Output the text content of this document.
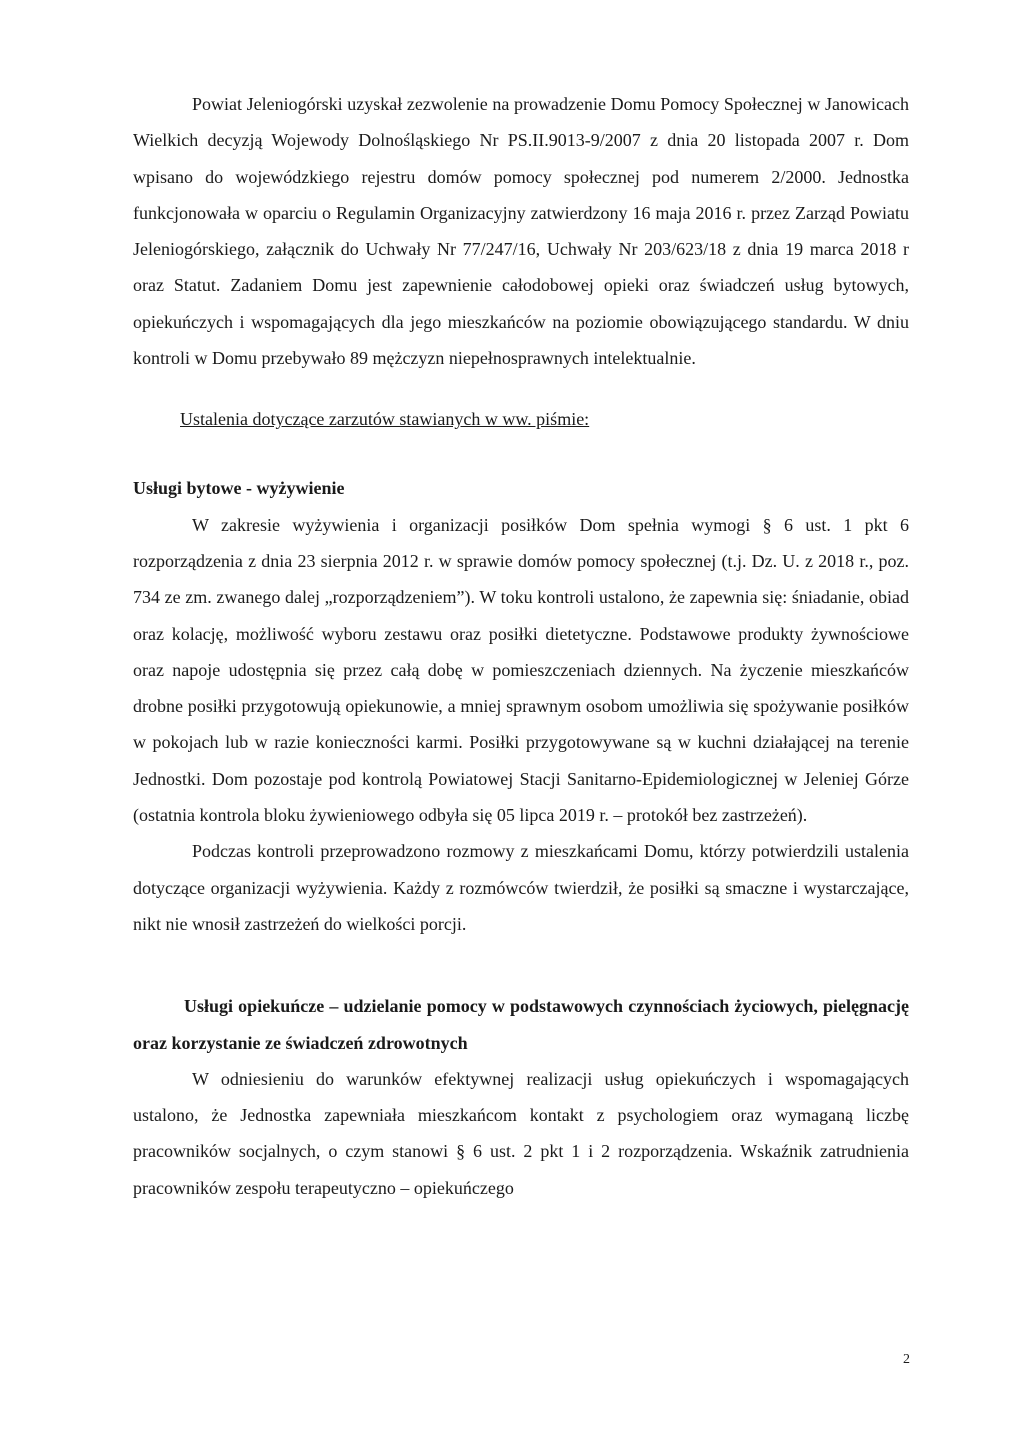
Powiat Jeleniogórski uzyskał zezwolenie na prowadzenie Domu Pomocy Społecznej w Janowicach Wielkich decyzją Wojewody Dolnośląskiego Nr PS.II.9013-9/2007 z dnia 20 listopada 2007 r. Dom wpisano do wojewódzkiego rejestru domów pomocy społecznej pod numerem 2/2000. Jednostka funkcjonowała w oparciu o Regulamin Organizacyjny zatwierdzony 16 maja 2016 r. przez Zarząd Powiatu Jeleniogórskiego, załącznik do Uchwały Nr 77/247/16, Uchwały Nr 203/623/18 z dnia 19 marca 2018 r oraz Statut. Zadaniem Domu jest zapewnienie całodobowej opieki oraz świadczeń usług bytowych, opiekuńczych i wspomagających dla jego mieszkańców na poziomie obowiązującego standardu. W dniu kontroli w Domu przebywało 89 mężczyzn niepełnosprawnych intelektualnie.

Ustalenia dotyczące zarzutów stawianych w ww. piśmie:

Usługi bytowe - wyżywienie

W zakresie wyżywienia i organizacji posiłków Dom spełnia wymogi § 6 ust. 1 pkt 6 rozporządzenia z dnia 23 sierpnia 2012 r. w sprawie domów pomocy społecznej (t.j. Dz. U. z 2018 r., poz. 734 ze zm. zwanego dalej „rozporządzeniem”). W toku kontroli ustalono, że zapewnia się: śniadanie, obiad oraz kolację, możliwość wyboru zestawu oraz posiłki dietetyczne. Podstawowe produkty żywnościowe oraz napoje udostępnia się przez całą dobę w pomieszczeniach dziennych. Na życzenie mieszkańców drobne posiłki przygotowują opiekunowie, a mniej sprawnym osobom umożliwia się spożywanie posiłków w pokojach lub w razie konieczności karmi. Posiłki przygotowywane są w kuchni działającej na terenie Jednostki. Dom pozostaje pod kontrolą Powiatowej Stacji Sanitarno-Epidemiologicznej w Jeleniej Górze (ostatnia kontrola bloku żywieniowego odbyła się 05 lipca 2019 r. – protokół bez zastrzeżeń).

Podczas kontroli przeprowadzono rozmowy z mieszkańcami Domu, którzy potwierdzili ustalenia dotyczące organizacji wyżywienia. Każdy z rozmówców twierdził, że posiłki są smaczne i wystarczające, nikt nie wnosił zastrzeżeń do wielkości porcji.

Usługi opiekuńcze – udzielanie pomocy w podstawowych czynnościach życiowych, pielęgnację oraz korzystanie ze świadczeń zdrowotnych

W odniesieniu do warunków efektywnej realizacji usług opiekuńczych i wspomagających ustalono, że Jednostka zapewniała mieszkańcom kontakt z psychologiem oraz wymaganą liczbę pracowników socjalnych, o czym stanowi § 6 ust. 2 pkt 1 i 2 rozporządzenia. Wskaźnik zatrudnienia pracowników zespołu terapeutyczno – opiekuńczego

2
